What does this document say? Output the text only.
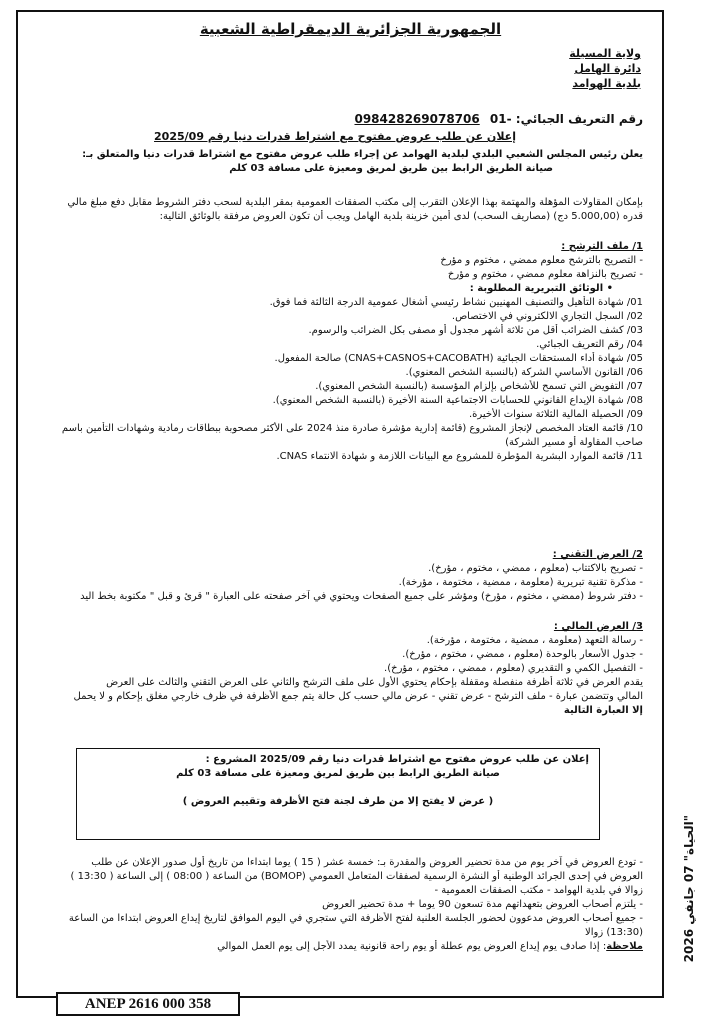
الجمهورية الجزائرية الديمقراطية الشعبية
ولاية المسيلة
دائرة الهامل
بلدية الهوامد
رقم التعريف الجبائي: -01 098428269078706
إعلان عن طلب عروض مفتوح مع اشتراط قدرات دنيا رقم 2025/09
يعلن رئيس المجلس الشعبي البلدي لبلدية الهوامد عن إجراء طلب عروض مفتوح مع اشتراط قدرات دنيا والمتعلق بـ:
صيانة الطريق الرابط بين طريق لمريق ومعيزة على مسافة 03 كلم
بإمكان المقاولات المؤهلة والمهتمة بهذا الإعلان التقرب إلى مكتب الصفقات العمومية بمقر البلدية لسحب دفتر الشروط مقابل دفع مبلغ مالي
قدره (5.000,00 دج) (مصاريف السحب) لدى أمين خزينة بلدية الهامل ويجب أن تكون العروض مرفقة بالوثائق التالية:
1/ ملف الترشح :
- التصريح بالترشح معلوم ممضي ، مختوم و مؤرخ
- تصريح بالنزاهة معلوم ممضي ، مختوم و مؤرخ
• الوثائق التبريرية المطلوبة :
01/ شهادة التأهيل والتصنيف المهنيين نشاط رئيسي أشغال عمومية الدرجة الثالثة فما فوق.
02/ السجل التجاري الالكتروني في الاختصاص.
03/ كشف الضرائب أقل من ثلاثة أشهر مجدول أو مصفى بكل الضرائب والرسوم.
04/ رقم التعريف الجبائي.
05/ شهادة أداء المستحقات الجبائية (CNAS+CASNOS+CACOBATH) صالحة المفعول.
06/ القانون الأساسي الشركة (بالنسبة الشخص المعنوي).
07/ التفويض التي تسمح للأشخاص بإلزام المؤسسة (بالنسبة الشخص المعنوي).
08/ شهادة الإيداع القانوني للحسابات الاجتماعية السنة الأخيرة (بالنسبة الشخص المعنوي).
09/ الحصيلة المالية الثلاثة سنوات الأخيرة.
10/ قائمة العتاد المخصص لإنجاز المشروع (قائمة إدارية مؤشرة صادرة منذ 2024 على الأكثر مصحوبة ببطاقات رمادية وشهادات التأمين باسم
صاحب المقاولة أو مسير الشركة)
11/ قائمة الموارد البشرية المؤطرة للمشروع مع البيانات اللازمة و شهادة الانتماء CNAS.
2/ العرض التقني :
- تصريح بالاكتتاب (معلوم ، ممضي ، مختوم ، مؤرخ).
- مذكرة تقنية تبريرية (معلومة ، ممضية ، مختومة ، مؤرخة).
- دفتر شروط (ممضي ، مختوم ، مؤرخ) ومؤشر على جميع الصفحات ويحتوي في آخر صفحته على العبارة " قرئ و قبل " مكتوبة بخط اليد
3/ العرض المالي :
- رسالة التعهد (معلومة ، ممضية ، مختومة ، مؤرخة).
- جدول الأسعار بالوحدة (معلوم ، ممضي ، مختوم ، مؤرخ).
- التفصيل الكمي و التقديري (معلوم ، ممضي ، مختوم ، مؤرخ).
يقدم العرض في ثلاثة أظرفة منفصلة ومقفلة بإحكام يحتوي الأول على ملف الترشح والثاني على العرض التقني والثالث على العرض
المالي وتتضمن عبارة - ملف الترشح - عرض تقني - عرض مالي حسب كل حالة يتم جمع الأظرفة في ظرف خارجي مغلق بإحكام و لا يحمل
إلا العبارة التالية
إعلان عن طلب عروض مفتوح مع اشتراط قدرات دنيا رقم 2025/09 المشروع :
صيانة الطريق الرابط بين طريق لمريق ومعيزة على مسافة 03 كلم
( عرض لا يفتح إلا من طرف لجنة فتح الأظرفة وتقييم العروض )
- تودع العروض في آخر يوم من مدة تحضير العروض والمقدرة بـ: خمسة عشر ( 15 ) يوما ابتداءا من تاريخ أول صدور الإعلان عن طلب
العروض في إحدى الجرائد الوطنية أو النشرة الرسمية لصفقات المتعامل العمومي (BOMOP) من الساعة ( 08:00 ) إلى الساعة ( 13:30 )
زوالا في بلدية الهوامد - مكتب الصفقات العمومية -
- يلتزم أصحاب العروض بتعهداتهم مدة تسعون 90 يوما + مدة تحضير العروض
- جميع أصحاب العروض مدعوون لحضور الجلسة العلنية لفتح الأظرفة التي ستجري في اليوم الموافق لتاريخ إيداع العروض ابتداءا من الساعة
(13:30) زوالا
ملاحظة: إذا صادف يوم إيداع العروض يوم عطلة أو يوم راحة قانونية يمدد الأجل إلى يوم العمل الموالي	"الحياة" 07 جانفي 2026
ANEP 2616 000 358
